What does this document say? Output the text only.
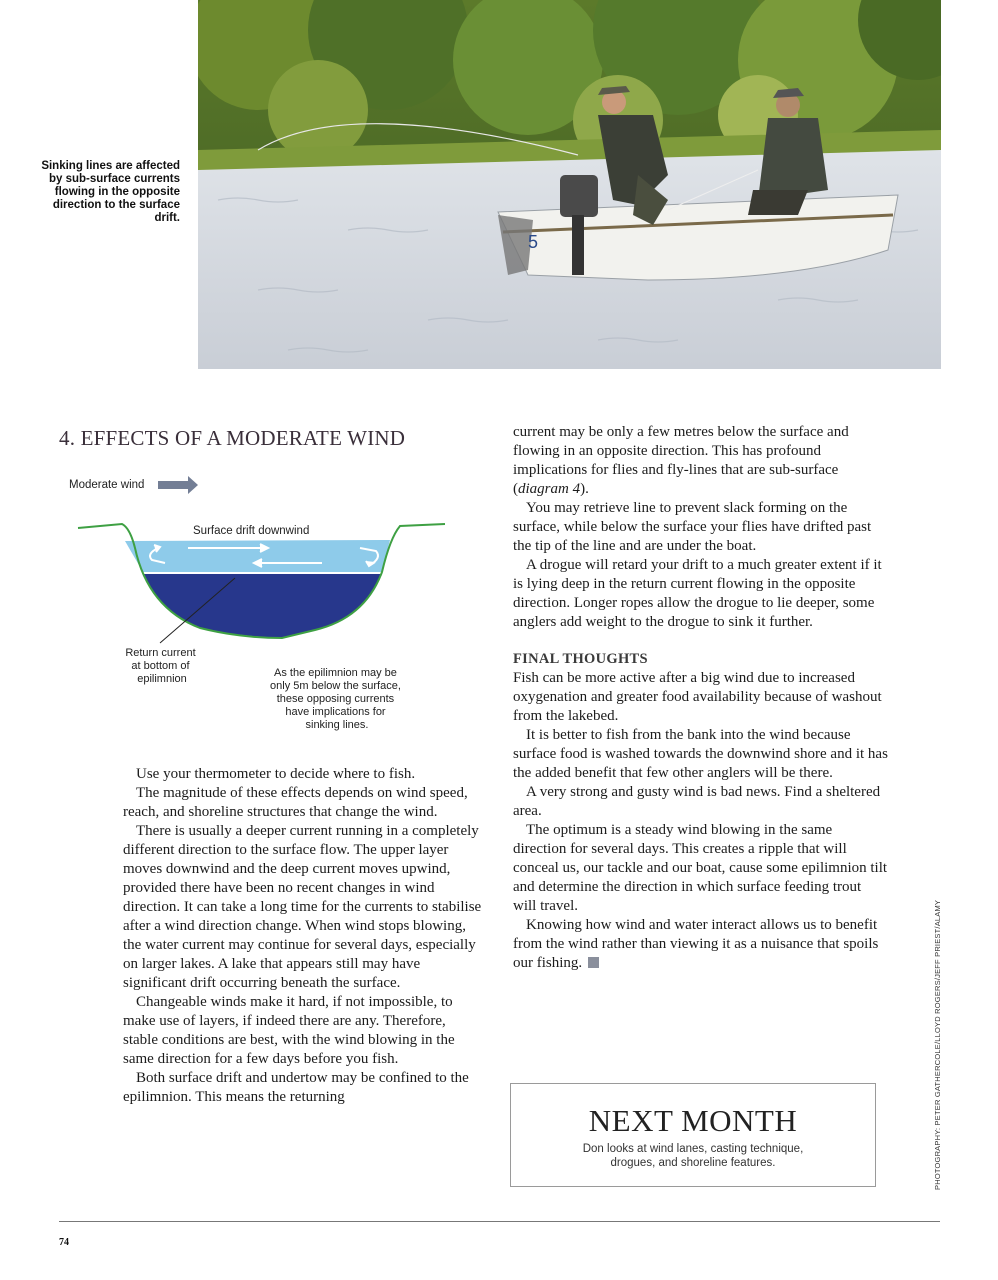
5
Sinking lines are affected by sub-surface currents flowing in the opposite direction to the surface drift.
4. EFFECTS OF A MODERATE WIND
Moderate wind
Surface drift downwind
Return current at bottom of epilimnion	As the epilimnion may be only 5m below the surface, these opposing currents have implications for sinking lines.

Use your thermometer to decide where to fish.

The magnitude of these effects depends on wind speed, reach, and shoreline structures that change the wind.

There is usually a deeper current running in a completely different direction to the surface flow. The upper layer moves downwind and the deep current moves upwind, provided there have been no recent changes in wind direction. It can take a long time for the currents to stabilise after a wind direction change. When wind stops blowing, the water current may continue for several days, especially on larger lakes. A lake that appears still may have significant drift occurring beneath the surface.

Changeable winds make it hard, if not impossible, to make use of layers, if indeed there are any. Therefore, stable conditions are best, with the wind blowing in the same direction for a few days before you fish.

Both surface drift and undertow may be confined to the epilimnion. This means the returning

current may be only a few metres below the surface and flowing in an opposite direction. This has profound implications for flies and fly-lines that are sub-surface (diagram 4).

You may retrieve line to prevent slack forming on the surface, while below the surface your flies have drifted past the tip of the line and are under the boat.

A drogue will retard your drift to a much greater extent if it is lying deep in the return current flowing in the opposite direction. Longer ropes allow the drogue to lie deeper, some anglers add weight to the drogue to sink it further.

FINAL THOUGHTS

Fish can be more active after a big wind due to increased oxygenation and greater food availability because of washout from the lakebed.

It is better to fish from the bank into the wind because surface food is washed towards the downwind shore and it has the added benefit that few other anglers will be there.

A very strong and gusty wind is bad news. Find a sheltered area.

The optimum is a steady wind blowing in the same direction for several days. This creates a ripple that will conceal us, our tackle and our boat, cause some epilimnion tilt and determine the direction in which surface feeding trout will travel.

Knowing how wind and water interact allows us to benefit from the wind rather than viewing it as a nuisance that spoils our fishing.

NEXT MONTH
Don looks at wind lanes, casting technique, drogues, and shoreline features.	PHOTOGRAPHY: PETER GATHERCOLE/LLOYD ROGERS/JEFF PRIEST/ALAMY
74
